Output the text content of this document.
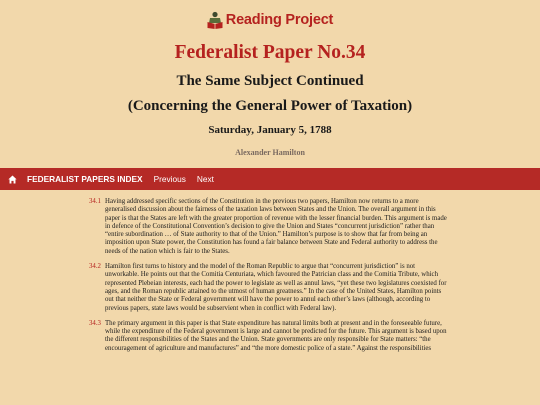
Reading Project
Federalist Paper No.34
The Same Subject Continued
(Concerning the General Power of Taxation)
Saturday, January 5, 1788
Alexander Hamilton
FEDERALIST PAPERS INDEX Previous Next
34.1 Having addressed specific sections of the Constitution in the previous two papers, Hamilton now returns to a more generalised discussion about the fairness of the taxation laws between States and the Union. The overall argument in this paper is that the States are left with the greater proportion of revenue with the lesser financial burden. This argument is made in defence of the Constitutional Convention’s decision to give the Union and States “concurrent jurisdiction” rather than “entire subordination … of State authority to that of the Union.” Hamilton’s purpose is to show that far from being an imposition upon State power, the Constitution has found a fair balance between State and Federal authority to address the needs of the nation which is fair to the States.
34.2 Hamilton first turns to history and the model of the Roman Republic to argue that “concurrent jurisdiction” is not unworkable. He points out that the Comitia Centuriata, which favoured the Patrician class and the Comitia Tribute, which represented Plebeian interests, each had the power to legislate as well as annul laws, “yet these two legislatures coexisted for ages, and the Roman republic attained to the utmost of human greatness.” In the case of the United States, Hamilton points out that neither the State or Federal government will have the power to annul each other’s laws (although, according to previous papers, state laws would be subservient when in conflict with Federal law).
34.3 The primary argument in this paper is that State expenditure has natural limits both at present and in the foreseeable future, while the expenditure of the Federal government is large and cannot be predicted for the future. This argument is based upon the different responsibilities of the States and the Union. State governments are only responsible for State matters: “the encouragement of agriculture and manufactures” and “the more domestic police of a state.” Against the responsibilities
